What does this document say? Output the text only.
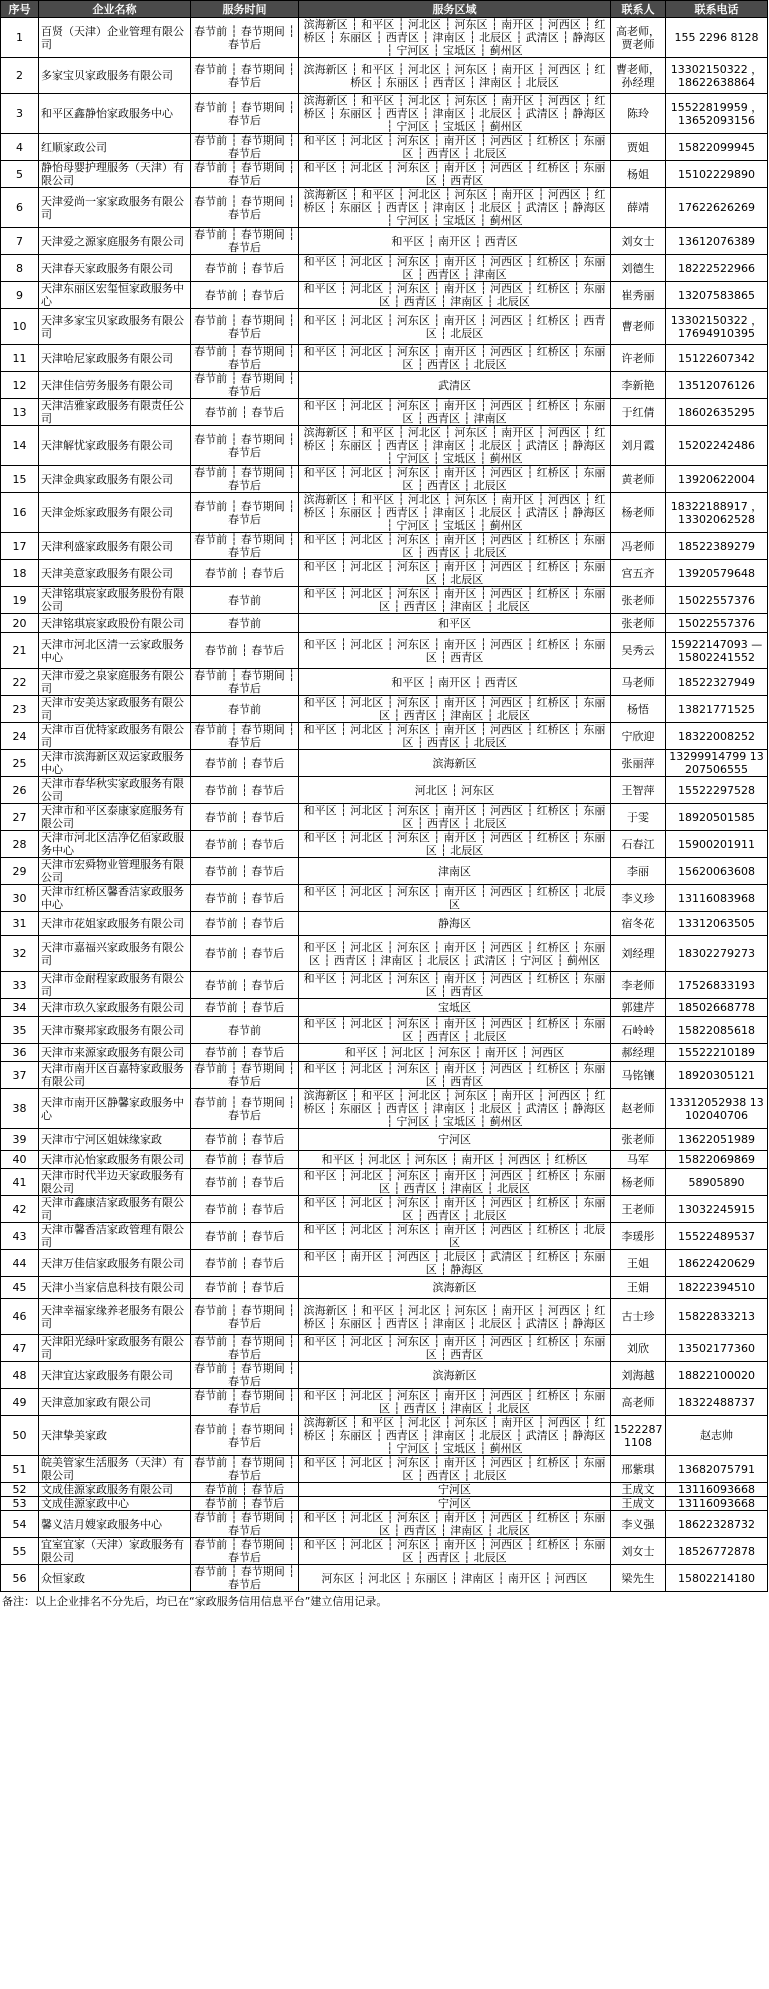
序号	企业名称	服务时间	服务区域	联系人	联系电话
1	百贤（天津）企业管理有限公司	春节前 ┆ 春节期间 ┆ 春节后	滨海新区 ┆ 和平区 ┆ 河北区 ┆ 河东区 ┆ 南开区 ┆ 河西区 ┆ 红桥区 ┆ 东丽区 ┆ 西青区 ┆ 津南区 ┆ 北辰区 ┆ 武清区 ┆ 静海区 ┆ 宁河区 ┆ 宝坻区 ┆ 蓟州区	高老师，贾老师	155 2296 8128
2	多家宝贝家政服务有限公司	春节前 ┆ 春节期间 ┆ 春节后	滨海新区 ┆ 和平区 ┆ 河北区 ┆ 河东区 ┆ 南开区 ┆ 河西区 ┆ 红桥区 ┆ 东丽区 ┆ 西青区 ┆ 津南区 ┆ 北辰区	曹老师，孙经理	13302150322 ，18622638864
3	和平区鑫静怡家政服务中心	春节前 ┆ 春节期间 ┆ 春节后	滨海新区 ┆ 和平区 ┆ 河北区 ┆ 河东区 ┆ 南开区 ┆ 河西区 ┆ 红桥区 ┆ 东丽区 ┆ 西青区 ┆ 津南区 ┆ 北辰区 ┆ 武清区 ┆ 静海区 ┆ 宁河区 ┆ 宝坻区 ┆ 蓟州区	陈玲	15522819959 ，13652093156
4	红顺家政公司	春节前 ┆ 春节期间 ┆ 春节后	和平区 ┆ 河北区 ┆ 河东区 ┆ 南开区 ┆ 河西区 ┆ 红桥区 ┆ 东丽区 ┆ 西青区 ┆ 北辰区	贾姐	15822099945
5	静怡母婴护理服务（天津）有限公司	春节前 ┆ 春节期间 ┆ 春节后	和平区 ┆ 河北区 ┆ 河东区 ┆ 南开区 ┆ 河西区 ┆ 红桥区 ┆ 东丽区 ┆ 西青区	杨姐	15102229890
6	天津爱尚一家家政服务有限公司	春节前 ┆ 春节期间 ┆ 春节后	滨海新区 ┆ 和平区 ┆ 河北区 ┆ 河东区 ┆ 南开区 ┆ 河西区 ┆ 红桥区 ┆ 东丽区 ┆ 西青区 ┆ 津南区 ┆ 北辰区 ┆ 武清区 ┆ 静海区 ┆ 宁河区 ┆ 宝坻区 ┆ 蓟州区	薛靖	17622626269
7	天津爱之源家庭服务有限公司	春节前 ┆ 春节期间 ┆ 春节后	和平区 ┆ 南开区 ┆ 西青区	刘女士	13612076389
8	天津春天家政服务有限公司	春节前 ┆ 春节后	和平区 ┆ 河北区 ┆ 河东区 ┆ 南开区 ┆ 河西区 ┆ 红桥区 ┆ 东丽区 ┆ 西青区 ┆ 津南区	刘德生	18222522966
9	天津东丽区宏玺恒家政服务中心	春节前 ┆ 春节后	和平区 ┆ 河北区 ┆ 河东区 ┆ 南开区 ┆ 河西区 ┆ 红桥区 ┆ 东丽区 ┆ 西青区 ┆ 津南区 ┆ 北辰区	崔秀丽	13207583865
10	天津多家宝贝家政服务有限公司	春节前 ┆ 春节期间 ┆ 春节后	和平区 ┆ 河北区 ┆ 河东区 ┆ 南开区 ┆ 河西区 ┆ 红桥区 ┆ 西青区 ┆ 北辰区	曹老师	13302150322 ，17694910395
11	天津哈尼家政服务有限公司	春节前 ┆ 春节期间 ┆ 春节后	和平区 ┆ 河北区 ┆ 河东区 ┆ 南开区 ┆ 河西区 ┆ 红桥区 ┆ 东丽区 ┆ 西青区 ┆ 北辰区	许老师	15122607342
12	天津佳信劳务服务有限公司	春节前 ┆ 春节期间 ┆ 春节后	武清区	李新艳	13512076126
13	天津洁雅家政服务有限责任公司	春节前 ┆ 春节后	和平区 ┆ 河北区 ┆ 河东区 ┆ 南开区 ┆ 河西区 ┆ 红桥区 ┆ 东丽区 ┆ 西青区 ┆ 津南区	于红倩	18602635295
14	天津解忧家政服务有限公司	春节前 ┆ 春节期间 ┆ 春节后	滨海新区 ┆ 和平区 ┆ 河北区 ┆ 河东区 ┆ 南开区 ┆ 河西区 ┆ 红桥区 ┆ 东丽区 ┆ 西青区 ┆ 津南区 ┆ 北辰区 ┆ 武清区 ┆ 静海区 ┆ 宁河区 ┆ 宝坻区 ┆ 蓟州区	刘月霞	15202242486
15	天津金典家政服务有限公司	春节前 ┆ 春节期间 ┆ 春节后	和平区 ┆ 河北区 ┆ 河东区 ┆ 南开区 ┆ 河西区 ┆ 红桥区 ┆ 东丽区 ┆ 西青区 ┆ 北辰区	黄老师	13920622004
16	天津金烁家政服务有限公司	春节前 ┆ 春节期间 ┆ 春节后	滨海新区 ┆ 和平区 ┆ 河北区 ┆ 河东区 ┆ 南开区 ┆ 河西区 ┆ 红桥区 ┆ 东丽区 ┆ 西青区 ┆ 津南区 ┆ 北辰区 ┆ 武清区 ┆ 静海区 ┆ 宁河区 ┆ 宝坻区 ┆ 蓟州区	杨老师	18322188917 ，13302062528
17	天津利盛家政服务有限公司	春节前 ┆ 春节期间 ┆ 春节后	和平区 ┆ 河北区 ┆ 河东区 ┆ 南开区 ┆ 河西区 ┆ 红桥区 ┆ 东丽区 ┆ 西青区 ┆ 北辰区	冯老师	18522389279
18	天津美意家政服务有限公司	春节前 ┆ 春节后	和平区 ┆ 河北区 ┆ 河东区 ┆ 南开区 ┆ 河西区 ┆ 红桥区 ┆ 东丽区 ┆ 北辰区	宫五齐	13920579648
19	天津铭琪宸家政服务股份有限公司	春节前	和平区 ┆ 河北区 ┆ 河东区 ┆ 南开区 ┆ 河西区 ┆ 红桥区 ┆ 东丽区 ┆ 西青区 ┆ 津南区 ┆ 北辰区	张老师	15022557376
20	天津铭琪宸家政股份有限公司	春节前	和平区	张老师	15022557376
21	天津市河北区清一云家政服务中心	春节前 ┆ 春节后	和平区 ┆ 河北区 ┆ 河东区 ┆ 南开区 ┆ 河西区 ┆ 红桥区 ┆ 东丽区 ┆ 西青区	吴秀云	15922147093 —15802241552
22	天津市爱之泉家庭服务有限公司	春节前 ┆ 春节期间 ┆ 春节后	和平区 ┆ 南开区 ┆ 西青区	马老师	18522327949
23	天津市安美达家政服务有限公司	春节前	和平区 ┆ 河北区 ┆ 河东区 ┆ 南开区 ┆ 河西区 ┆ 红桥区 ┆ 东丽区 ┆ 西青区 ┆ 津南区 ┆ 北辰区	杨悟	13821771525
24	天津市百优特家政服务有限公司	春节前 ┆ 春节期间 ┆ 春节后	和平区 ┆ 河北区 ┆ 河东区 ┆ 南开区 ┆ 河西区 ┆ 红桥区 ┆ 东丽区 ┆ 西青区 ┆ 北辰区	宁欣迎	18322008252
25	天津市滨海新区双运家政服务中心	春节前 ┆ 春节后	滨海新区	张丽萍	13299914799 13207506555
26	天津市春华秋实家政服务有限公司	春节前 ┆ 春节后	河北区 ┆ 河东区	王智萍	15522297528
27	天津市和平区泰康家庭服务有限公司	春节前 ┆ 春节后	和平区 ┆ 河北区 ┆ 河东区 ┆ 南开区 ┆ 河西区 ┆ 红桥区 ┆ 东丽区 ┆ 西青区 ┆ 北辰区	于雯	18920501585
28	天津市河北区洁净亿佰家政服务中心	春节前 ┆ 春节后	和平区 ┆ 河北区 ┆ 河东区 ┆ 南开区 ┆ 河西区 ┆ 红桥区 ┆ 东丽区 ┆ 北辰区	石春江	15900201911
29	天津市宏舜物业管理服务有限公司	春节前 ┆ 春节后	津南区	李丽	15620063608
30	天津市红桥区馨香洁家政服务中心	春节前 ┆ 春节后	和平区 ┆ 河北区 ┆ 河东区 ┆ 南开区 ┆ 河西区 ┆ 红桥区 ┆ 北辰区	李义珍	13116083968
31	天津市花姐家政服务有限公司	春节前 ┆ 春节后	静海区	宿冬花	13312063505
32	天津市嘉福兴家政服务有限公司	春节前 ┆ 春节后	和平区 ┆ 河北区 ┆ 河东区 ┆ 南开区 ┆ 河西区 ┆ 红桥区 ┆ 东丽区 ┆ 西青区 ┆ 津南区 ┆ 北辰区 ┆ 武清区 ┆ 宁河区 ┆ 蓟州区	刘经理	18302279273
33	天津市金耐程家政服务有限公司	春节前 ┆ 春节后	和平区 ┆ 河北区 ┆ 河东区 ┆ 南开区 ┆ 河西区 ┆ 红桥区 ┆ 东丽区 ┆ 西青区	李老师	17526833193
34	天津市玖久家政服务有限公司	春节前 ┆ 春节后	宝坻区	郭建芹	18502668778
35	天津市聚邦家政服务有限公司	春节前	和平区 ┆ 河北区 ┆ 河东区 ┆ 南开区 ┆ 河西区 ┆ 红桥区 ┆ 东丽区 ┆ 西青区 ┆ 北辰区	石岭岭	15822085618
36	天津市来源家政服务有限公司	春节前 ┆ 春节后	和平区 ┆ 河北区 ┆ 河东区 ┆ 南开区 ┆ 河西区	郝经理	15522210189
37	天津市南开区百嘉特家政服务有限公司	春节前 ┆ 春节期间 ┆ 春节后	和平区 ┆ 河北区 ┆ 河东区 ┆ 南开区 ┆ 河西区 ┆ 红桥区 ┆ 东丽区 ┆ 西青区	马铭镶	18920305121
38	天津市南开区静馨家政服务中心	春节前 ┆ 春节期间 ┆ 春节后	滨海新区 ┆ 和平区 ┆ 河北区 ┆ 河东区 ┆ 南开区 ┆ 河西区 ┆ 红桥区 ┆ 东丽区 ┆ 西青区 ┆ 津南区 ┆ 北辰区 ┆ 武清区 ┆ 静海区 ┆ 宁河区 ┆ 宝坻区 ┆ 蓟州区	赵老师	13312052938 13102040706
39	天津市宁河区姐妹缘家政	春节前 ┆ 春节后	宁河区	张老师	13622051989
40	天津市沁怡家政服务有限公司	春节前 ┆ 春节后	和平区 ┆ 河北区 ┆ 河东区 ┆ 南开区 ┆ 河西区 ┆ 红桥区	马军	15822069869
41	天津市时代半边天家政服务有限公司	春节前 ┆ 春节后	和平区 ┆ 河北区 ┆ 河东区 ┆ 南开区 ┆ 河西区 ┆ 红桥区 ┆ 东丽区 ┆ 西青区 ┆ 津南区 ┆ 北辰区	杨老师	58905890
42	天津市鑫康洁家政服务有限公司	春节前 ┆ 春节后	和平区 ┆ 河北区 ┆ 河东区 ┆ 南开区 ┆ 河西区 ┆ 红桥区 ┆ 东丽区 ┆ 西青区 ┆ 北辰区	王老师	13032245915
43	天津市馨香洁家政管理有限公司	春节前 ┆ 春节后	和平区 ┆ 河北区 ┆ 河东区 ┆ 南开区 ┆ 河西区 ┆ 红桥区 ┆ 北辰区	李瑗彤	15522489537
44	天津万佳信家政服务有限公司	春节前 ┆ 春节后	和平区 ┆ 南开区 ┆ 河西区 ┆ 北辰区 ┆ 武清区 ┆ 红桥区 ┆ 东丽区 ┆ 静海区	王姐	18622420629
45	天津小当家信息科技有限公司	春节前 ┆ 春节后	滨海新区	王娟	18222394510
46	天津幸福家缘养老服务有限公司	春节前 ┆ 春节期间 ┆ 春节后	滨海新区 ┆ 和平区 ┆ 河北区 ┆ 河东区 ┆ 南开区 ┆ 河西区 ┆ 红桥区 ┆ 东丽区 ┆ 西青区 ┆ 津南区 ┆ 北辰区 ┆ 武清区 ┆ 静海区	古士珍	15822833213
47	天津阳光绿叶家政服务有限公司	春节前 ┆ 春节期间 ┆ 春节后	和平区 ┆ 河北区 ┆ 河东区 ┆ 南开区 ┆ 河西区 ┆ 红桥区 ┆ 东丽区 ┆ 西青区	刘欣	13502177360
48	天津宜达家政服务有限公司	春节前 ┆ 春节期间 ┆ 春节后	滨海新区	刘海越	18822100020
49	天津意加家政有限公司	春节前 ┆ 春节期间 ┆ 春节后	和平区 ┆ 河北区 ┆ 河东区 ┆ 南开区 ┆ 河西区 ┆ 红桥区 ┆ 东丽区 ┆ 西青区 ┆ 津南区 ┆ 北辰区	高老师	18322488737
50	天津挚美家政	春节前 ┆ 春节期间 ┆ 春节后	滨海新区 ┆ 和平区 ┆ 河北区 ┆ 河东区 ┆ 南开区 ┆ 河西区 ┆ 红桥区 ┆ 东丽区 ┆ 西青区 ┆ 津南区 ┆ 北辰区 ┆ 武清区 ┆ 静海区 ┆ 宁河区 ┆ 宝坻区 ┆ 蓟州区	15222871108	赵志帅
51	皖美管家生活服务（天津）有限公司	春节前 ┆ 春节期间 ┆ 春节后	和平区 ┆ 河北区 ┆ 河东区 ┆ 南开区 ┆ 河西区 ┆ 红桥区 ┆ 东丽区 ┆ 西青区 ┆ 北辰区	邢紫琪	13682075791
52	文成佳源家政服务有限公司	春节前 ┆ 春节后	宁河区	王成文	13116093668
53	文成佳源家政中心	春节前 ┆ 春节后	宁河区	王成文	13116093668
54	馨义洁月嫂家政服务中心	春节前 ┆ 春节期间 ┆ 春节后	和平区 ┆ 河北区 ┆ 河东区 ┆ 南开区 ┆ 河西区 ┆ 红桥区 ┆ 东丽区 ┆ 西青区 ┆ 津南区 ┆ 北辰区	李义强	18622328732
55	宜室宜家（天津）家政服务有限公司	春节前 ┆ 春节期间 ┆ 春节后	和平区 ┆ 河北区 ┆ 河东区 ┆ 南开区 ┆ 河西区 ┆ 红桥区 ┆ 东丽区 ┆ 西青区 ┆ 北辰区	刘女士	18526772878
56	众恒家政	春节前 ┆ 春节期间 ┆ 春节后	河东区 ┆ 河北区 ┆ 东丽区 ┆ 津南区 ┆ 南开区 ┆ 河西区	梁先生	15802214180
备注：以上企业排名不分先后，均已在“家政服务信用信息平台”建立信用记录。
